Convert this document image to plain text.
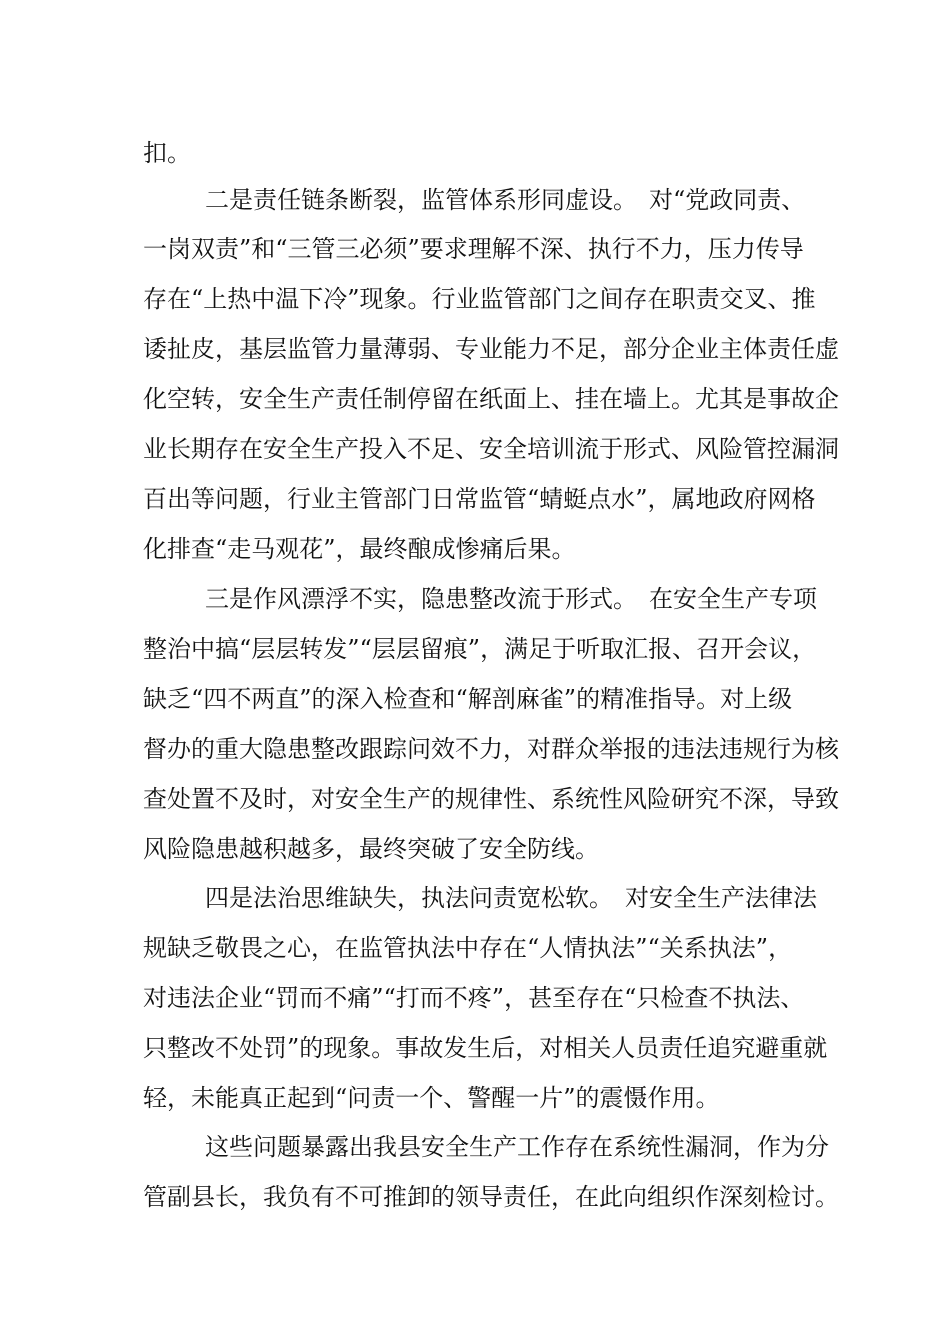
扣。
二是责任链条断裂，监管体系形同虚设。　对“党政同责、
一岗双责”和“三管三必须”要求理解不深、执行不力，压力传导
存在“上热中温下冷”现象。行业监管部门之间存在职责交叉、推
诿扯皮，基层监管力量薄弱、专业能力不足，部分企业主体责任虚
化空转，安全生产责任制停留在纸面上、挂在墙上。尤其是事故企
业长期存在安全生产投入不足、安全培训流于形式、风险管控漏洞
百出等问题，行业主管部门日常监管“蜻蜓点水”，属地政府网格
化排查“走马观花”，最终酿成惨痛后果。
三是作风漂浮不实，隐患整改流于形式。　在安全生产专项
整治中搞“层层转发”“层层留痕”，满足于听取汇报、召开会议，
缺乏“四不两直”的深入检查和“解剖麻雀”的精准指导。对上级
督办的重大隐患整改跟踪问效不力，对群众举报的违法违规行为核
查处置不及时，对安全生产的规律性、系统性风险研究不深，导致
风险隐患越积越多，最终突破了安全防线。
四是法治思维缺失，执法问责宽松软。　对安全生产法律法
规缺乏敬畏之心，在监管执法中存在“人情执法”“关系执法”，
对违法企业“罚而不痛”“打而不疼”，甚至存在“只检查不执法、
只整改不处罚”的现象。事故发生后，对相关人员责任追究避重就
轻，未能真正起到“问责一个、警醒一片”的震慑作用。
这些问题暴露出我县安全生产工作存在系统性漏洞，作为分
管副县长，我负有不可推卸的领导责任，在此向组织作深刻检讨。
